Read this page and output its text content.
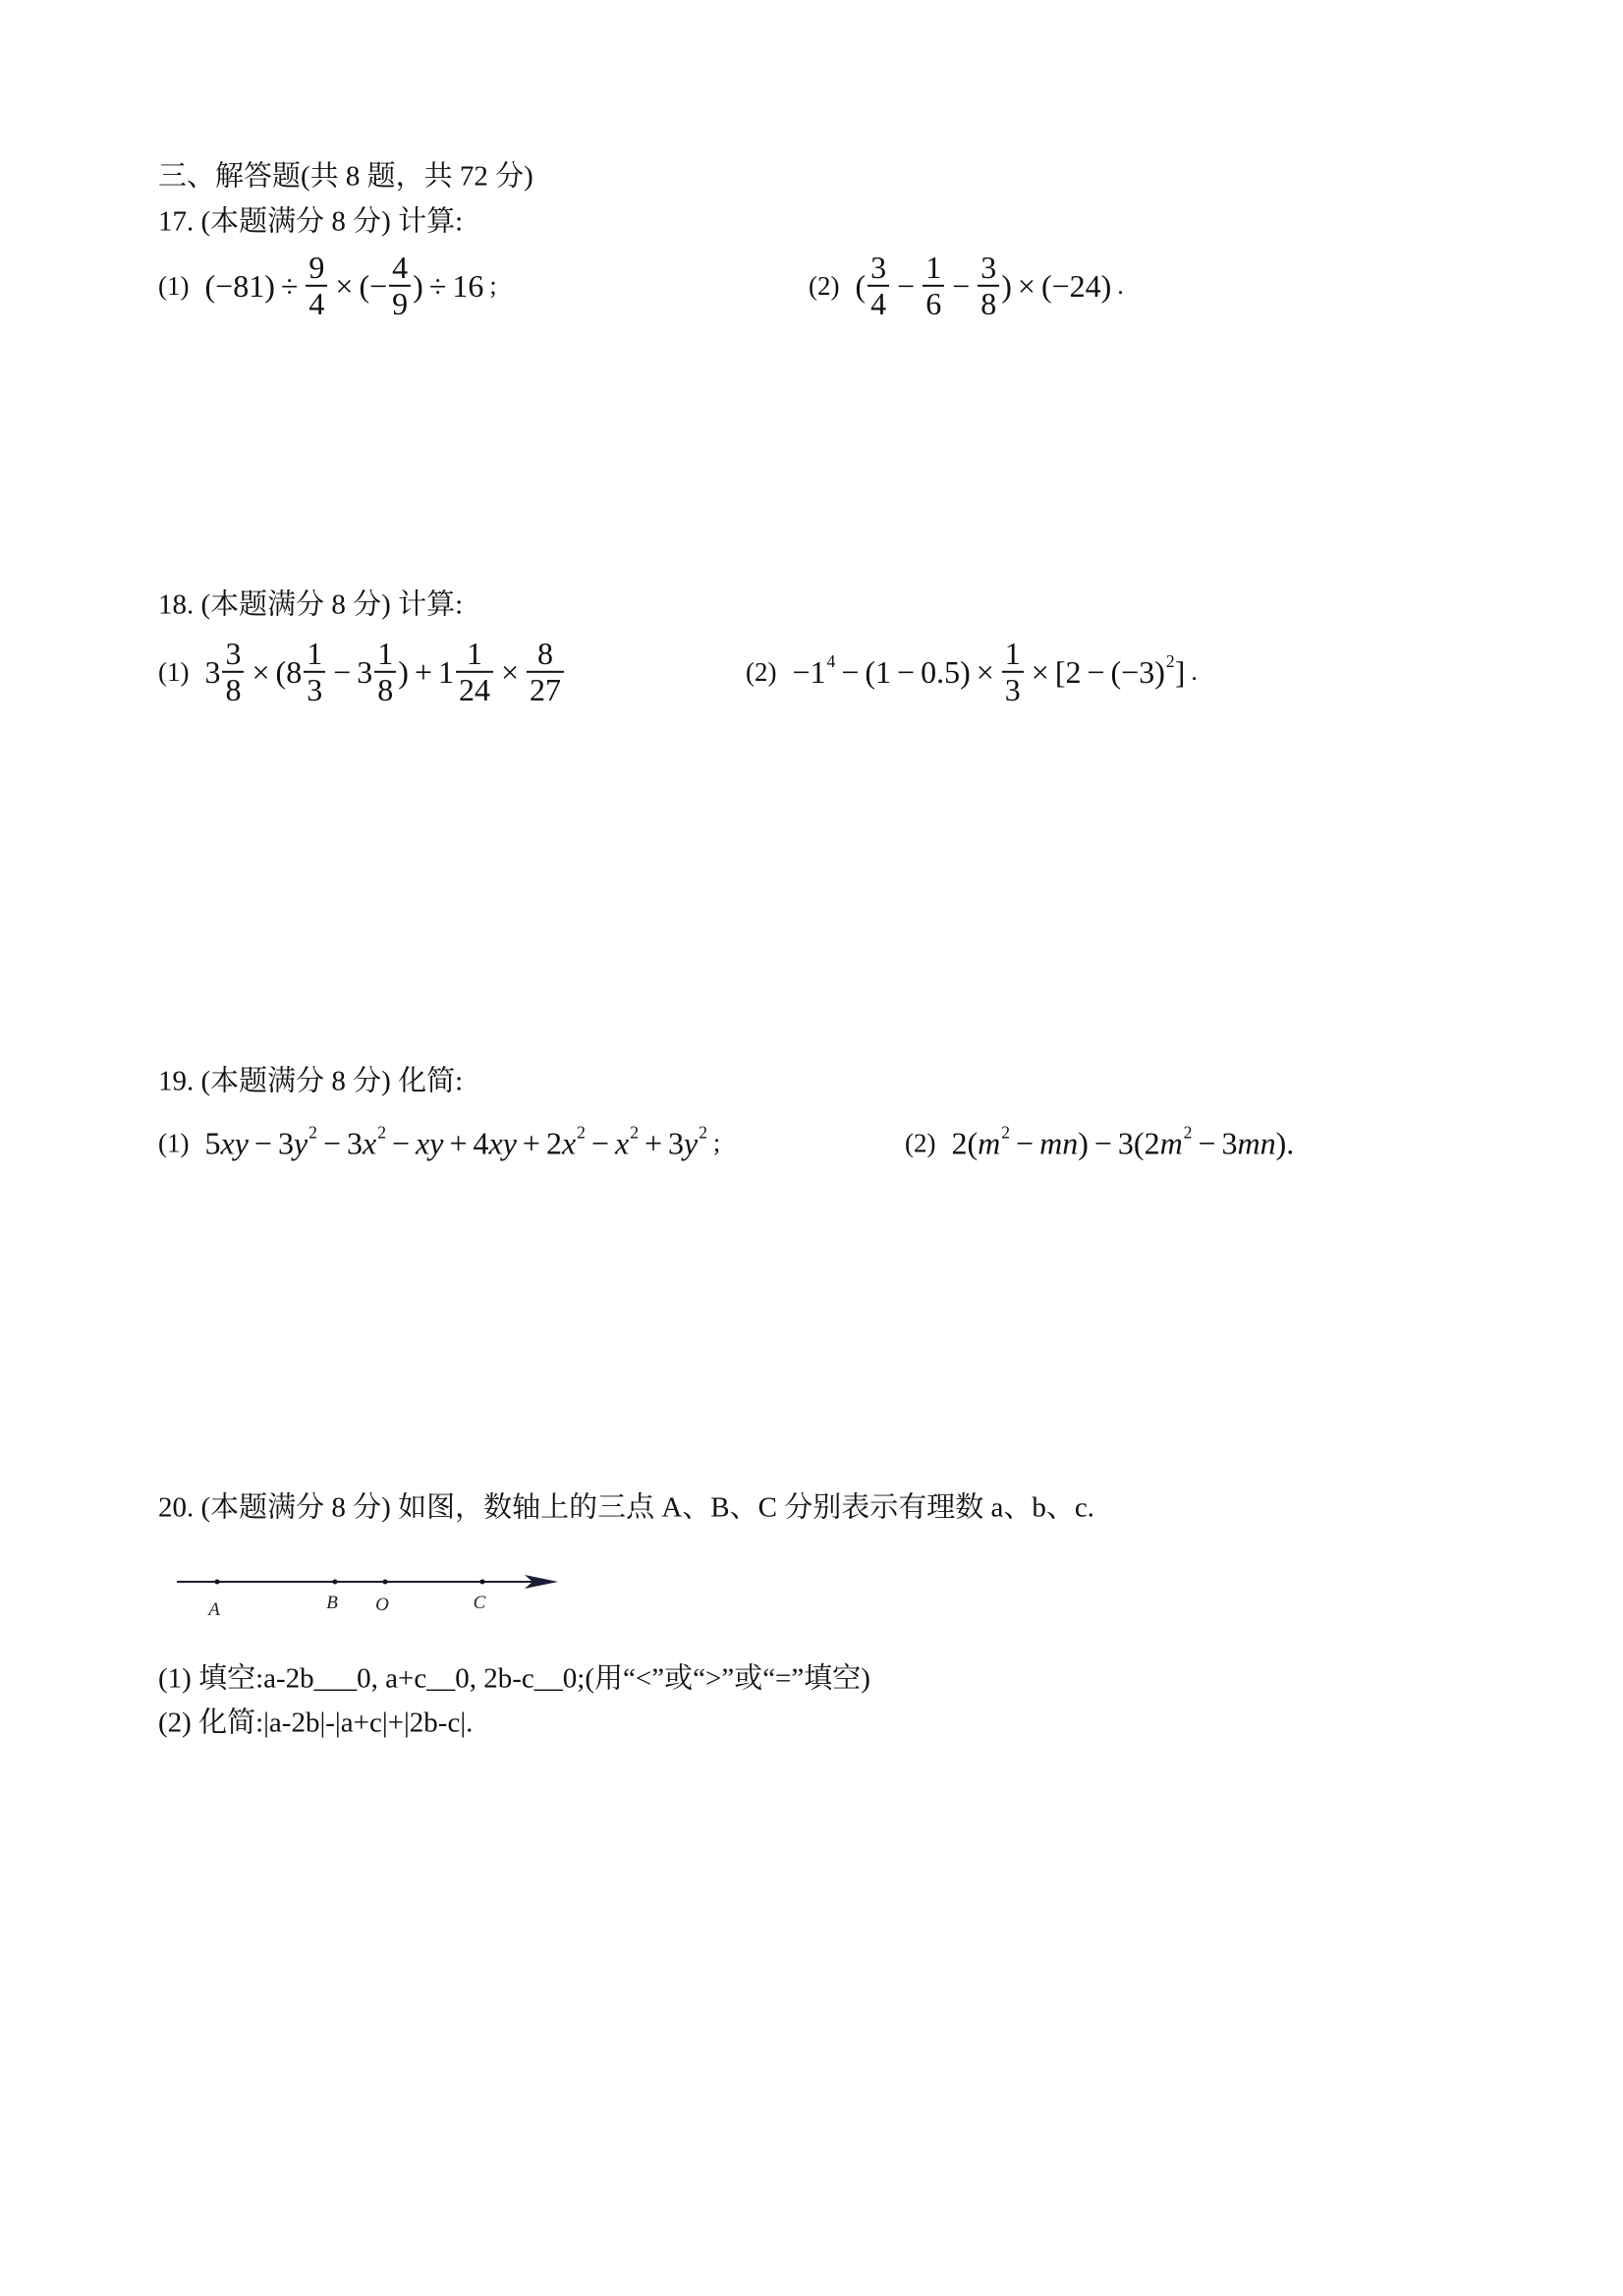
三、解答题(共 8 题，共 72 分)
17. (本题满分 8 分) 计算:
(1) $(-81) \div \frac{9}{4}$ × (− $\frac{4}{9}$ ) ÷ 16 ;	(2) ( $\frac{3}{4} - \frac{1}{6} - \frac{3}{8}$ ) × (−24) .
18. (本题满分 8 分) 计算:
(1) $3 \frac{3}{8} \times (8 \frac{1}{3} - 3 \frac{1}{8}$ ) + $1 \frac{1}{24} \times \frac{8}{27}$	(2) −1 $4 - (1 - 0.5) \times \frac{1}{3} \times [2 - (-3)$ 2 ] .
19. (本题满分 8 分) 化简:
(1) 5 xy − 3 y 2 − 3 x 2 − xy + 4 xy + 2 x 2 − x 2 + 3 y 2 ;	(2) 2( m 2 − mn ) − 3(2 m 2 − 3 mn ).
20. (本题满分 8 分) 如图，数轴上的三点 A、B、C 分别表示有理数 a、b、c.
A	B O	C
(1) 填空:a-2b___0, a+c__0, 2b-c__0;(用“<”或“>”或“=”填空)
(2) 化简:|a-2b|-|a+c|+|2b-c|.
